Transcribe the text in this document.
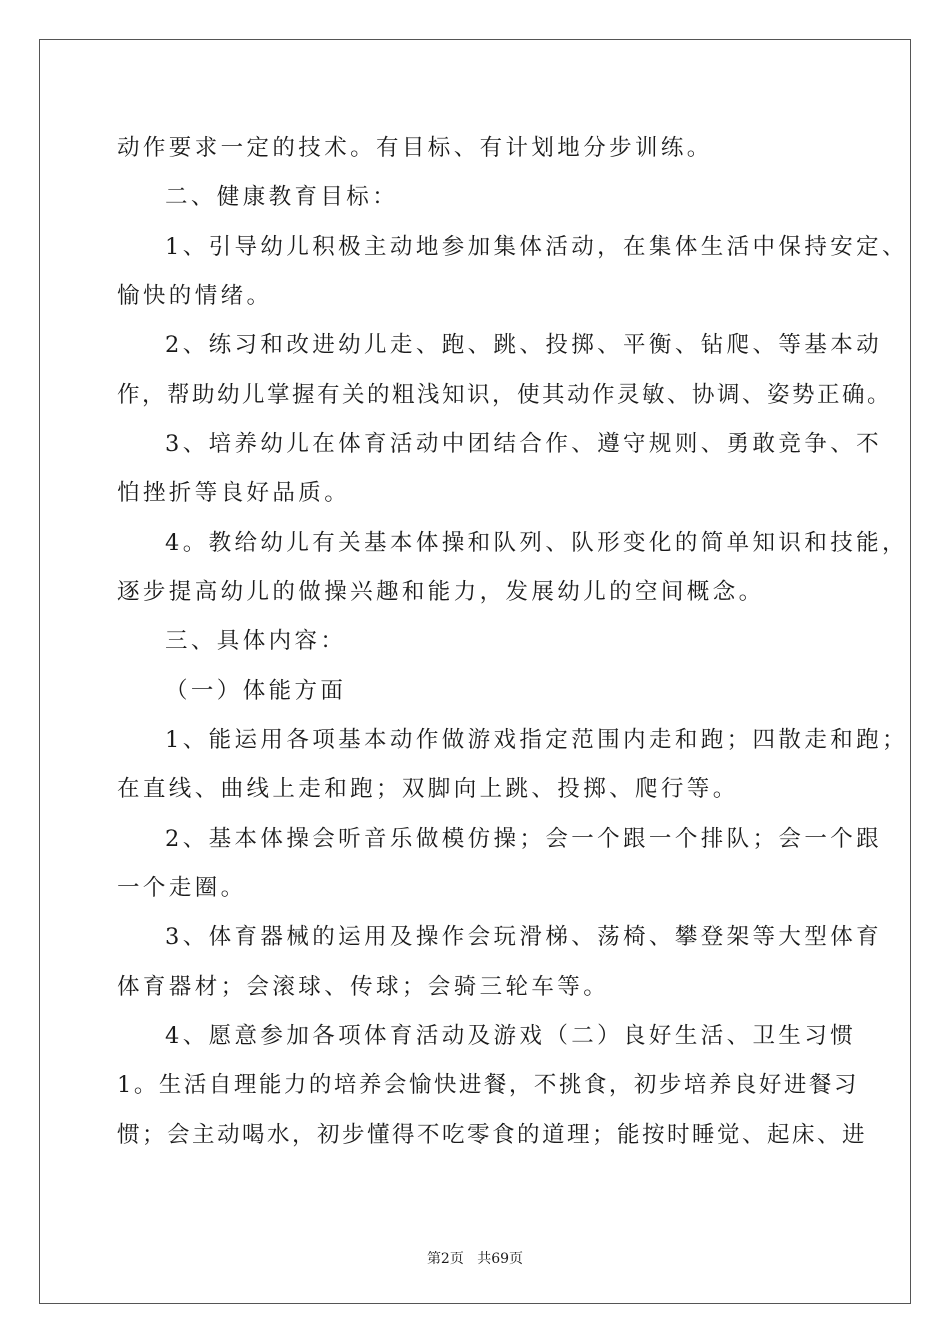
动作要求一定的技术。有目标、有计划地分步训练。
二、健康教育目标：
1、引导幼儿积极主动地参加集体活动，在集体生活中保持安定、
愉快的情绪。
2、练习和改进幼儿走、跑、跳、投掷、平衡、钻爬、等基本动
作，帮助幼儿掌握有关的粗浅知识，使其动作灵敏、协调、姿势正确。
3、培养幼儿在体育活动中团结合作、遵守规则、勇敢竞争、不
怕挫折等良好品质。
4。教给幼儿有关基本体操和队列、队形变化的简单知识和技能，
逐步提高幼儿的做操兴趣和能力，发展幼儿的空间概念。
三、具体内容：
（一）体能方面
1、能运用各项基本动作做游戏指定范围内走和跑；四散走和跑；
在直线、曲线上走和跑；双脚向上跳、投掷、爬行等。
2、基本体操会听音乐做模仿操；会一个跟一个排队；会一个跟
一个走圈。
3、体育器械的运用及操作会玩滑梯、荡椅、攀登架等大型体育
体育器材；会滚球、传球；会骑三轮车等。
4、愿意参加各项体育活动及游戏（二）良好生活、卫生习惯
1。生活自理能力的培养会愉快进餐，不挑食，初步培养良好进餐习
惯；会主动喝水，初步懂得不吃零食的道理；能按时睡觉、起床、进
第2页 共69页
